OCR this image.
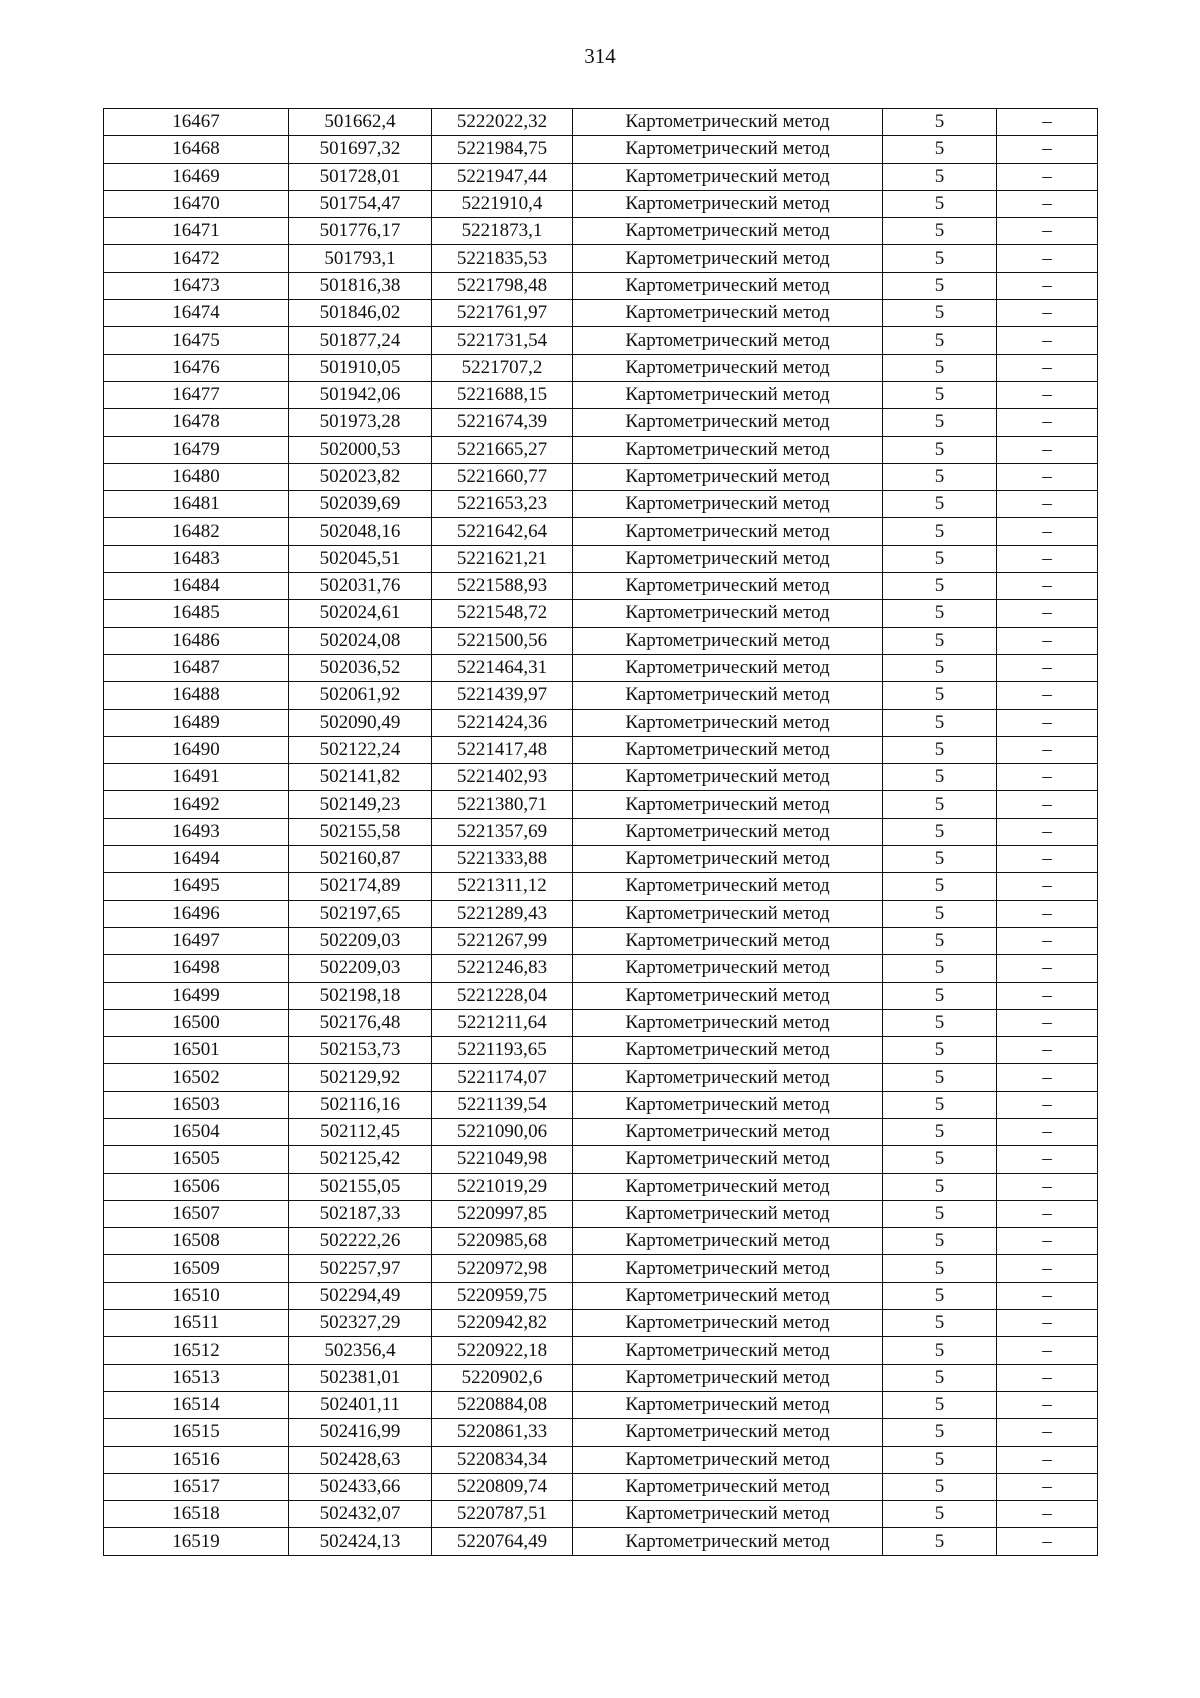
314
16467	501662,4	5222022,32	Картометрический метод	5	–
16468	501697,32	5221984,75	Картометрический метод	5	–
16469	501728,01	5221947,44	Картометрический метод	5	–
16470	501754,47	5221910,4	Картометрический метод	5	–
16471	501776,17	5221873,1	Картометрический метод	5	–
16472	501793,1	5221835,53	Картометрический метод	5	–
16473	501816,38	5221798,48	Картометрический метод	5	–
16474	501846,02	5221761,97	Картометрический метод	5	–
16475	501877,24	5221731,54	Картометрический метод	5	–
16476	501910,05	5221707,2	Картометрический метод	5	–
16477	501942,06	5221688,15	Картометрический метод	5	–
16478	501973,28	5221674,39	Картометрический метод	5	–
16479	502000,53	5221665,27	Картометрический метод	5	–
16480	502023,82	5221660,77	Картометрический метод	5	–
16481	502039,69	5221653,23	Картометрический метод	5	–
16482	502048,16	5221642,64	Картометрический метод	5	–
16483	502045,51	5221621,21	Картометрический метод	5	–
16484	502031,76	5221588,93	Картометрический метод	5	–
16485	502024,61	5221548,72	Картометрический метод	5	–
16486	502024,08	5221500,56	Картометрический метод	5	–
16487	502036,52	5221464,31	Картометрический метод	5	–
16488	502061,92	5221439,97	Картометрический метод	5	–
16489	502090,49	5221424,36	Картометрический метод	5	–
16490	502122,24	5221417,48	Картометрический метод	5	–
16491	502141,82	5221402,93	Картометрический метод	5	–
16492	502149,23	5221380,71	Картометрический метод	5	–
16493	502155,58	5221357,69	Картометрический метод	5	–
16494	502160,87	5221333,88	Картометрический метод	5	–
16495	502174,89	5221311,12	Картометрический метод	5	–
16496	502197,65	5221289,43	Картометрический метод	5	–
16497	502209,03	5221267,99	Картометрический метод	5	–
16498	502209,03	5221246,83	Картометрический метод	5	–
16499	502198,18	5221228,04	Картометрический метод	5	–
16500	502176,48	5221211,64	Картометрический метод	5	–
16501	502153,73	5221193,65	Картометрический метод	5	–
16502	502129,92	5221174,07	Картометрический метод	5	–
16503	502116,16	5221139,54	Картометрический метод	5	–
16504	502112,45	5221090,06	Картометрический метод	5	–
16505	502125,42	5221049,98	Картометрический метод	5	–
16506	502155,05	5221019,29	Картометрический метод	5	–
16507	502187,33	5220997,85	Картометрический метод	5	–
16508	502222,26	5220985,68	Картометрический метод	5	–
16509	502257,97	5220972,98	Картометрический метод	5	–
16510	502294,49	5220959,75	Картометрический метод	5	–
16511	502327,29	5220942,82	Картометрический метод	5	–
16512	502356,4	5220922,18	Картометрический метод	5	–
16513	502381,01	5220902,6	Картометрический метод	5	–
16514	502401,11	5220884,08	Картометрический метод	5	–
16515	502416,99	5220861,33	Картометрический метод	5	–
16516	502428,63	5220834,34	Картометрический метод	5	–
16517	502433,66	5220809,74	Картометрический метод	5	–
16518	502432,07	5220787,51	Картометрический метод	5	–
16519	502424,13	5220764,49	Картометрический метод	5	–
